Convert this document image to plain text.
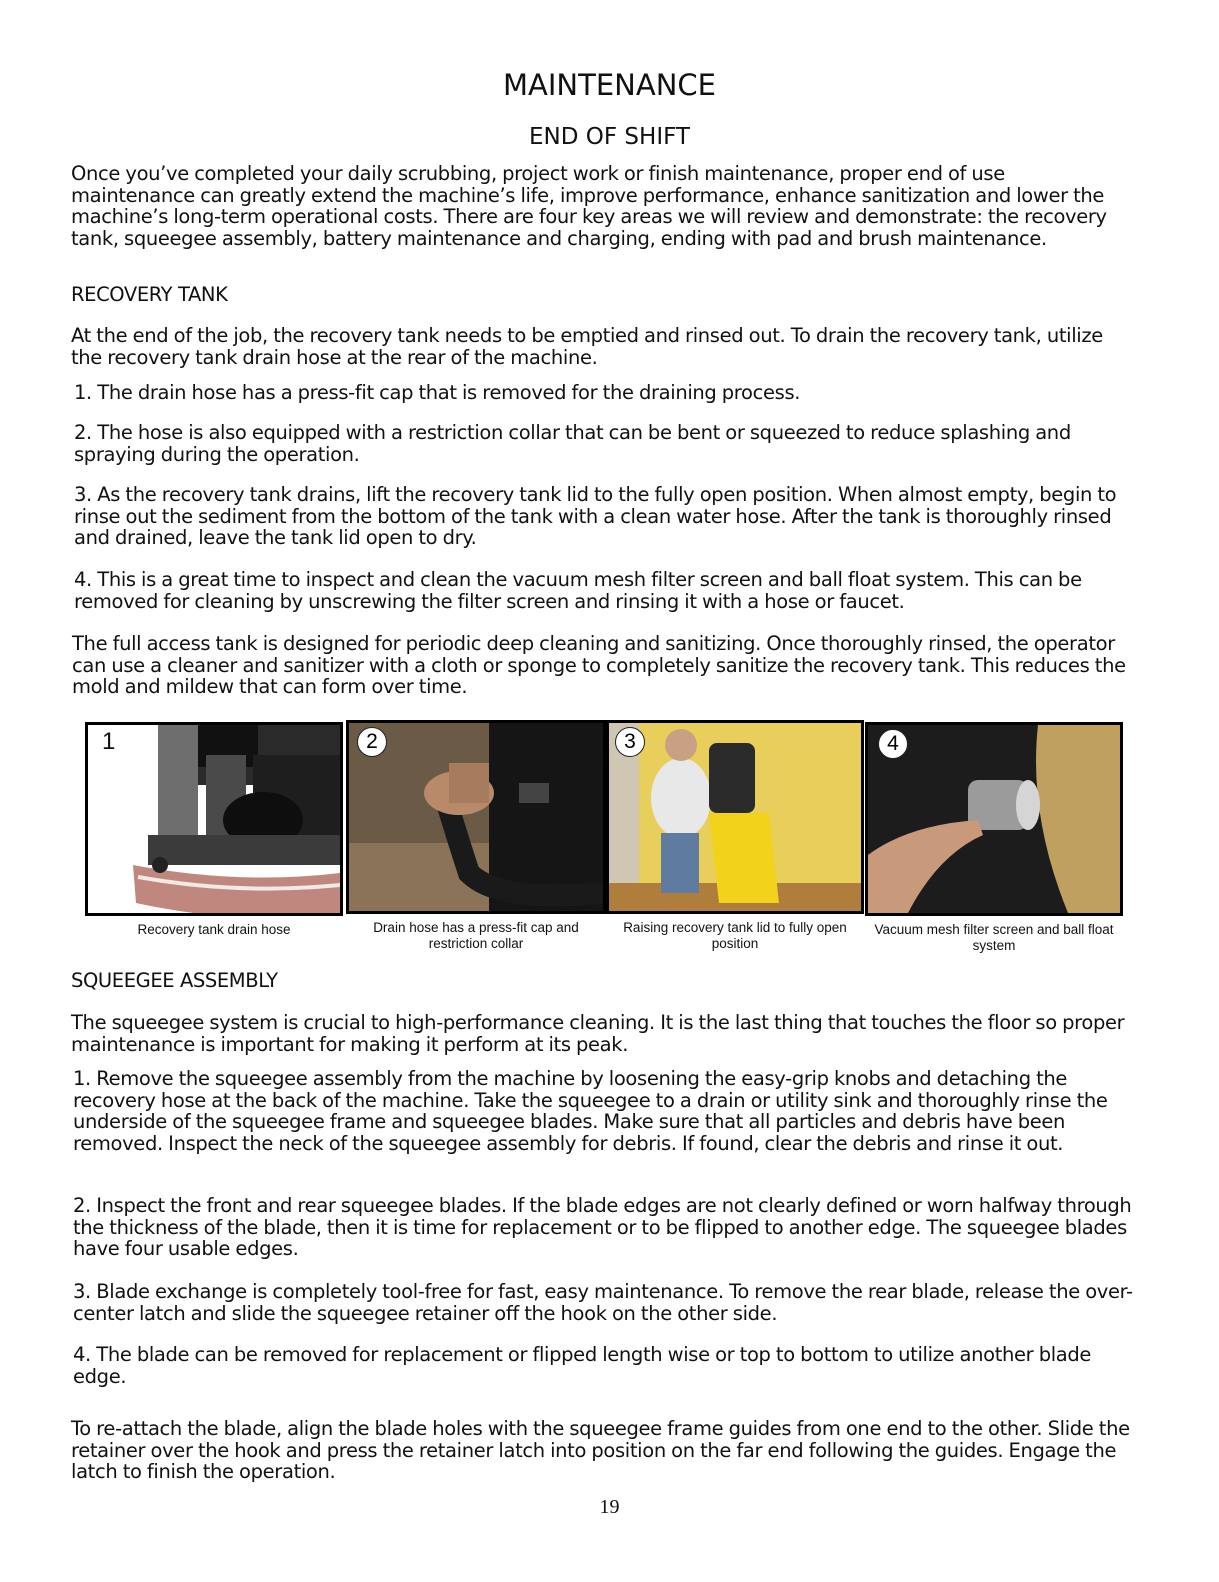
MAINTENANCE
END OF SHIFT

Once you’ve completed your daily scrubbing, project work or finish maintenance, proper end of use maintenance can greatly extend the machine’s life, improve performance, enhance sanitization and lower the machine’s long-term operational costs. There are four key areas we will review and demonstrate: the recovery tank, squeegee assembly, battery maintenance and charging, ending with pad and brush maintenance.

RECOVERY TANK

At the end of the job, the recovery tank needs to be emptied and rinsed out. To drain the recovery tank, utilize the recovery tank drain hose at the rear of the machine.

1. The drain hose has a press-fit cap that is removed for the draining process.

2. The hose is also equipped with a restriction collar that can be bent or squeezed to reduce splashing and spraying during the operation.

3. As the recovery tank drains, lift the recovery tank lid to the fully open position. When almost empty, begin to rinse out the sediment from the bottom of the tank with a clean water hose. After the tank is thoroughly rinsed and drained, leave the tank lid open to dry.

4. This is a great time to inspect and clean the vacuum mesh filter screen and ball float system. This can be removed for cleaning by unscrewing the filter screen and rinsing it with a hose or faucet.

The full access tank is designed for periodic deep cleaning and sanitizing. Once thoroughly rinsed, the operator can use a cleaner and sanitizer with a cloth or sponge to completely sanitize the recovery tank. This reduces the mold and mildew that can form over time.

1	2	3	4
Recovery tank drain hose	Drain hose has a press-fit cap and restriction collar
Raising recovery tank lid to fully open position
Vacuum mesh filter screen and ball float system
SQUEEGEE ASSEMBLY

The squeegee system is crucial to high-performance cleaning. It is the last thing that touches the floor so proper maintenance is important for making it perform at its peak.

1. Remove the squeegee assembly from the machine by loosening the easy-grip knobs and detaching the recovery hose at the back of the machine. Take the squeegee to a drain or utility sink and thoroughly rinse the underside of the squeegee frame and squeegee blades. Make sure that all particles and debris have been removed. Inspect the neck of the squeegee assembly for debris. If found, clear the debris and rinse it out.

2. Inspect the front and rear squeegee blades. If the blade edges are not clearly defined or worn halfway through the thickness of the blade, then it is time for replacement or to be flipped to another edge. The squeegee blades have four usable edges.

3. Blade exchange is completely tool-free for fast, easy maintenance. To remove the rear blade, release the over-center latch and slide the squeegee retainer off the hook on the other side.

4. The blade can be removed for replacement or flipped length wise or top to bottom to utilize another blade edge.

To re-attach the blade, align the blade holes with the squeegee frame guides from one end to the other. Slide the retainer over the hook and press the retainer latch into position on the far end following the guides. Engage the latch to finish the operation.

19
